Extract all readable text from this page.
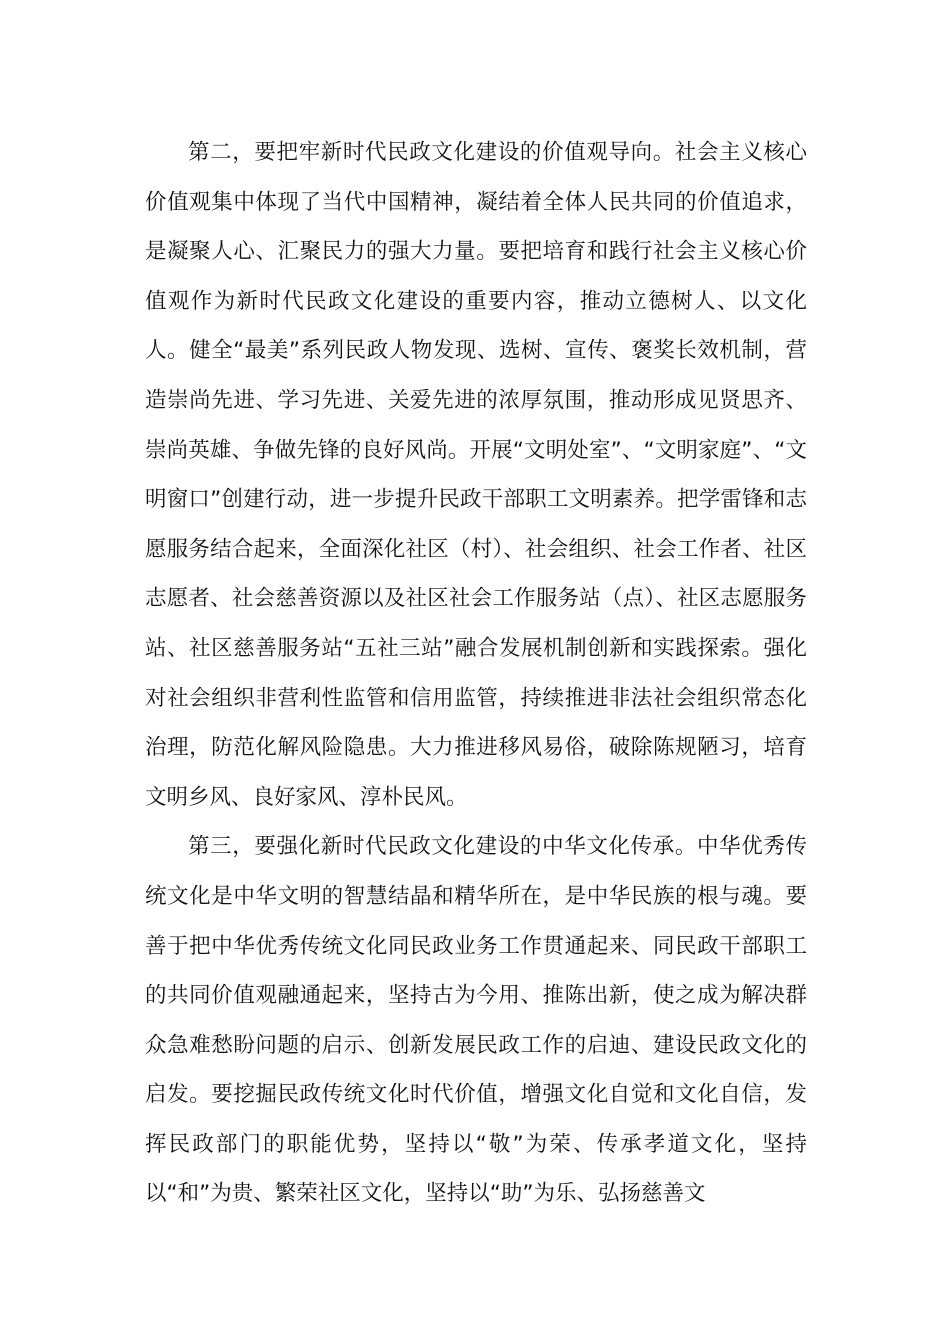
第二，要把牢新时代民政文化建设的价值观导向。社会主义核心价值观集中体现了当代中国精神，凝结着全体人民共同的价值追求，是凝聚人心、汇聚民力的强大力量。要把培育和践行社会主义核心价值观作为新时代民政文化建设的重要内容，推动立德树人、以文化人。健全“最美”系列民政人物发现、选树、宣传、褒奖长效机制，营造崇尚先进、学习先进、关爱先进的浓厚氛围，推动形成见贤思齐、崇尚英雄、争做先锋的良好风尚。开展“文明处室”、“文明家庭”、“文明窗口”创建行动，进一步提升民政干部职工文明素养。把学雷锋和志愿服务结合起来，全面深化社区（村）、社会组织、社会工作者、社区志愿者、社会慈善资源以及社区社会工作服务站（点）、社区志愿服务站、社区慈善服务站“五社三站”融合发展机制创新和实践探索。强化对社会组织非营利性监管和信用监管，持续推进非法社会组织常态化治理，防范化解风险隐患。大力推进移风易俗，破除陈规陋习，培育文明乡风、良好家风、淳朴民风。

第三，要强化新时代民政文化建设的中华文化传承。中华优秀传统文化是中华文明的智慧结晶和精华所在，是中华民族的根与魂。要善于把中华优秀传统文化同民政业务工作贯通起来、同民政干部职工的共同价值观融通起来，坚持古为今用、推陈出新，使之成为解决群众急难愁盼问题的启示、创新发展民政工作的启迪、建设民政文化的启发。要挖掘民政传统文化时代价值，增强文化自觉和文化自信，发挥民政部门的职能优势，坚持以“敬”为荣、传承孝道文化，坚持以“和”为贵、繁荣社区文化，坚持以“助”为乐、弘扬慈善文
